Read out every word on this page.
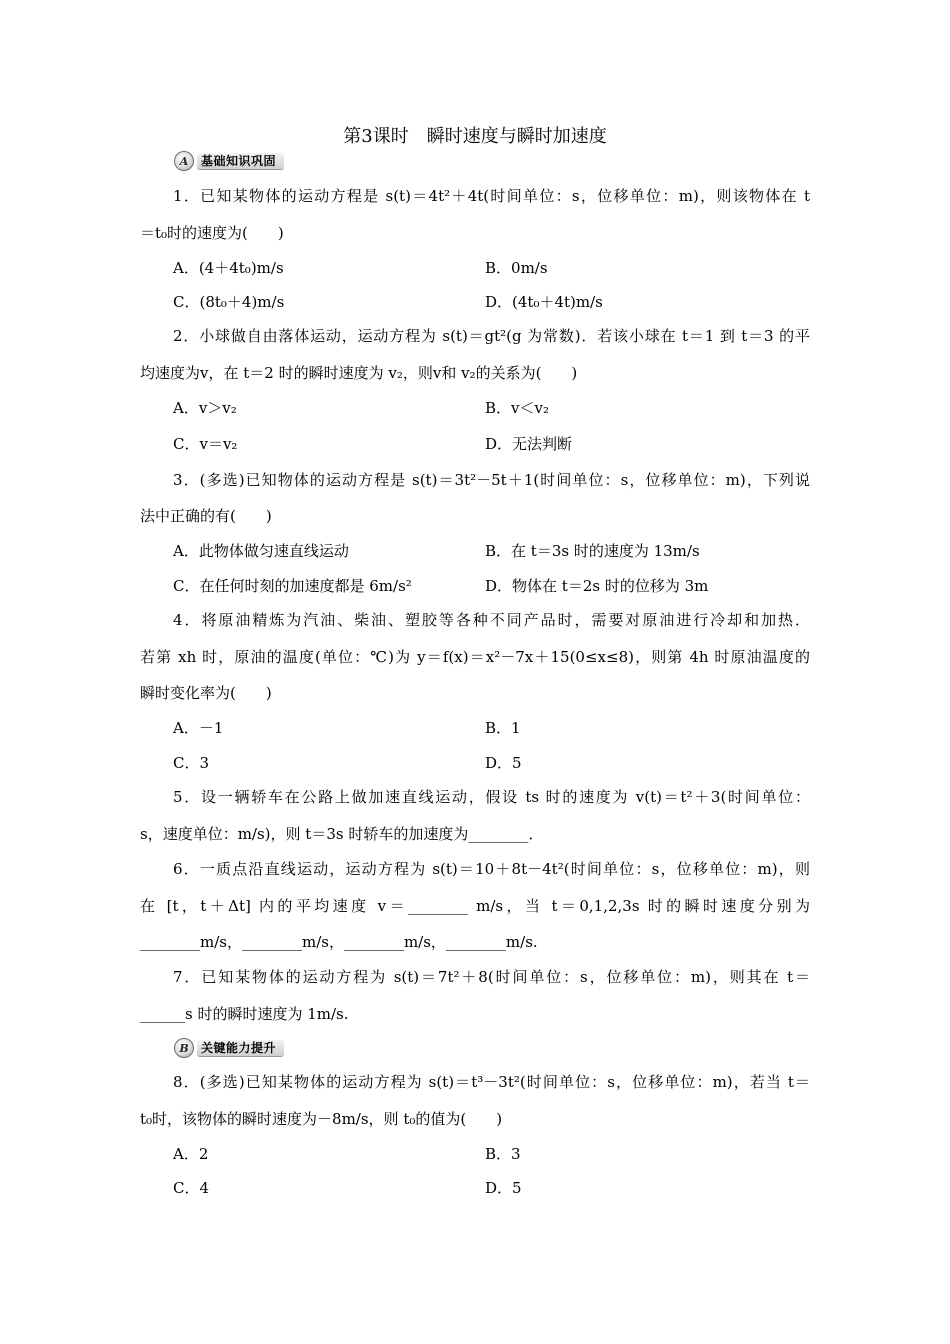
第3课时　瞬时速度与瞬时加速度
A	基础知识巩固
1．已知某物体的运动方程是 s(t)＝4t²＋4t(时间单位：s，位移单位：m)，则该物体在 t
＝t₀时的速度为(　　)
A．(4＋4t₀)m/s	B．0m/s
C．(8t₀＋4)m/s	D．(4t₀＋4t)m/s
2．小球做自由落体运动，运动方程为 s(t)＝gt²(g 为常数)．若该小球在 t＝1 到 t＝3 的平
均速度为v，在 t＝2 时的瞬时速度为 v₂，则v和 v₂的关系为(　　)
A．v＞v₂	B．v＜v₂
C．v＝v₂	D．无法判断
3．(多选)已知物体的运动方程是 s(t)＝3t²－5t＋1(时间单位：s，位移单位：m)，下列说
法中正确的有(　　)
A．此物体做匀速直线运动	B．在 t＝3s 时的速度为 13m/s
C．在任何时刻的加速度都是 6m/s²	D．物体在 t＝2s 时的位移为 3m
4．将原油精炼为汽油、柴油、塑胶等各种不同产品时，需要对原油进行冷却和加热．
若第 xh 时，原油的温度(单位：℃)为 y＝f(x)＝x²－7x＋15(0≤x≤8)，则第 4h 时原油温度的
瞬时变化率为(　　)
A．－1	B．1
C．3	D．5
5．设一辆轿车在公路上做加速直线运动，假设 ts 时的速度为 v(t)＝t²＋3(时间单位：
s，速度单位：m/s)，则 t＝3s 时轿车的加速度为________．
6．一质点沿直线运动，运动方程为 s(t)＝10＋8t－4t²(时间单位：s，位移单位：m)，则
在 [t，t＋Δt] 内的平均速度 v＝________ m/s，当 t＝0,1,2,3s 时的瞬时速度分别为
________m/s，________m/s，________m/s，________m/s.
7．已知某物体的运动方程为 s(t)＝7t²＋8(时间单位：s，位移单位：m)，则其在 t＝
______s 时的瞬时速度为 1m/s.
B	关键能力提升
8．(多选)已知某物体的运动方程为 s(t)＝t³－3t²(时间单位：s，位移单位：m)，若当 t＝
t₀时，该物体的瞬时速度为－8m/s，则 t₀的值为(　　)
A．2	B．3
C．4	D．5
